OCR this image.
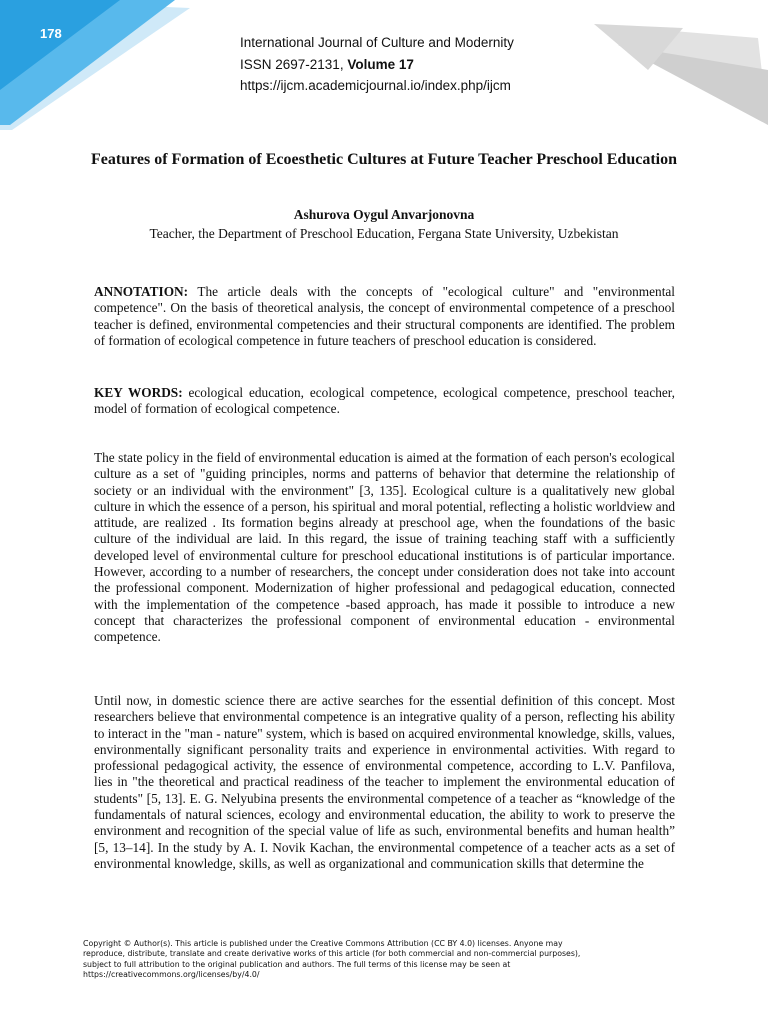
178
International Journal of Culture and Modernity
ISSN 2697-2131, Volume 17
https://ijcm.academicjournal.io/index.php/ijcm
Features of Formation of Ecoesthetic Cultures at Future Teacher Preschool Education
Ashurova Oygul Anvarjonovna
Teacher, the Department of Preschool Education, Fergana State University, Uzbekistan

ANNOTATION: The article deals with the concepts of "ecological culture" and "environmental competence". On the basis of theoretical analysis, the concept of environmental competence of a preschool teacher is defined, environmental competencies and their structural components are identified. The problem of formation of ecological competence in future teachers of preschool education is considered.

KEY WORDS: ecological education, ecological competence, ecological competence, preschool teacher, model of formation of ecological competence.

The state policy in the field of environmental education is aimed at the formation of each person's ecological culture as a set of "guiding principles, norms and patterns of behavior that determine the relationship of society or an individual with the environment" [3, 135]. Ecological culture is a qualitatively new global culture in which the essence of a person, his spiritual and moral potential, reflecting a holistic worldview and attitude, are realized . Its formation begins already at preschool age, when the foundations of the basic culture of the individual are laid. In this regard, the issue of training teaching staff with a sufficiently developed level of environmental culture for preschool educational institutions is of particular importance. However, according to a number of researchers, the concept under consideration does not take into account the professional component. Modernization of higher professional and pedagogical education, connected with the implementation of the competence -based approach, has made it possible to introduce a new concept that characterizes the professional component of environmental education - environmental competence.

Until now, in domestic science there are active searches for the essential definition of this concept. Most researchers believe that environmental competence is an integrative quality of a person, reflecting his ability to interact in the "man - nature" system, which is based on acquired environmental knowledge, skills, values, environmentally significant personality traits and experience in environmental activities. With regard to professional pedagogical activity, the essence of environmental competence, according to L.V. Panfilova, lies in "the theoretical and practical readiness of the teacher to implement the environmental education of students" [5, 13]. E. G. Nelyubina presents the environmental competence of a teacher as “knowledge of the fundamentals of natural sciences, ecology and environmental education, the ability to work to preserve the environment and recognition of the special value of life as such, environmental benefits and human health” [5, 13–14]. In the study by A. I. Novik Kachan, the environmental competence of a teacher acts as a set of environmental knowledge, skills, as well as organizational and communication skills that determine the

Copyright © Author(s). This article is published under the Creative Commons Attribution (CC BY 4.0) licenses. Anyone may reproduce, distribute, translate and create derivative works of this article (for both commercial and non-commercial purposes), subject to full attribution to the original publication and authors. The full terms of this license may be seen at https://creativecommons.org/licenses/by/4.0/
